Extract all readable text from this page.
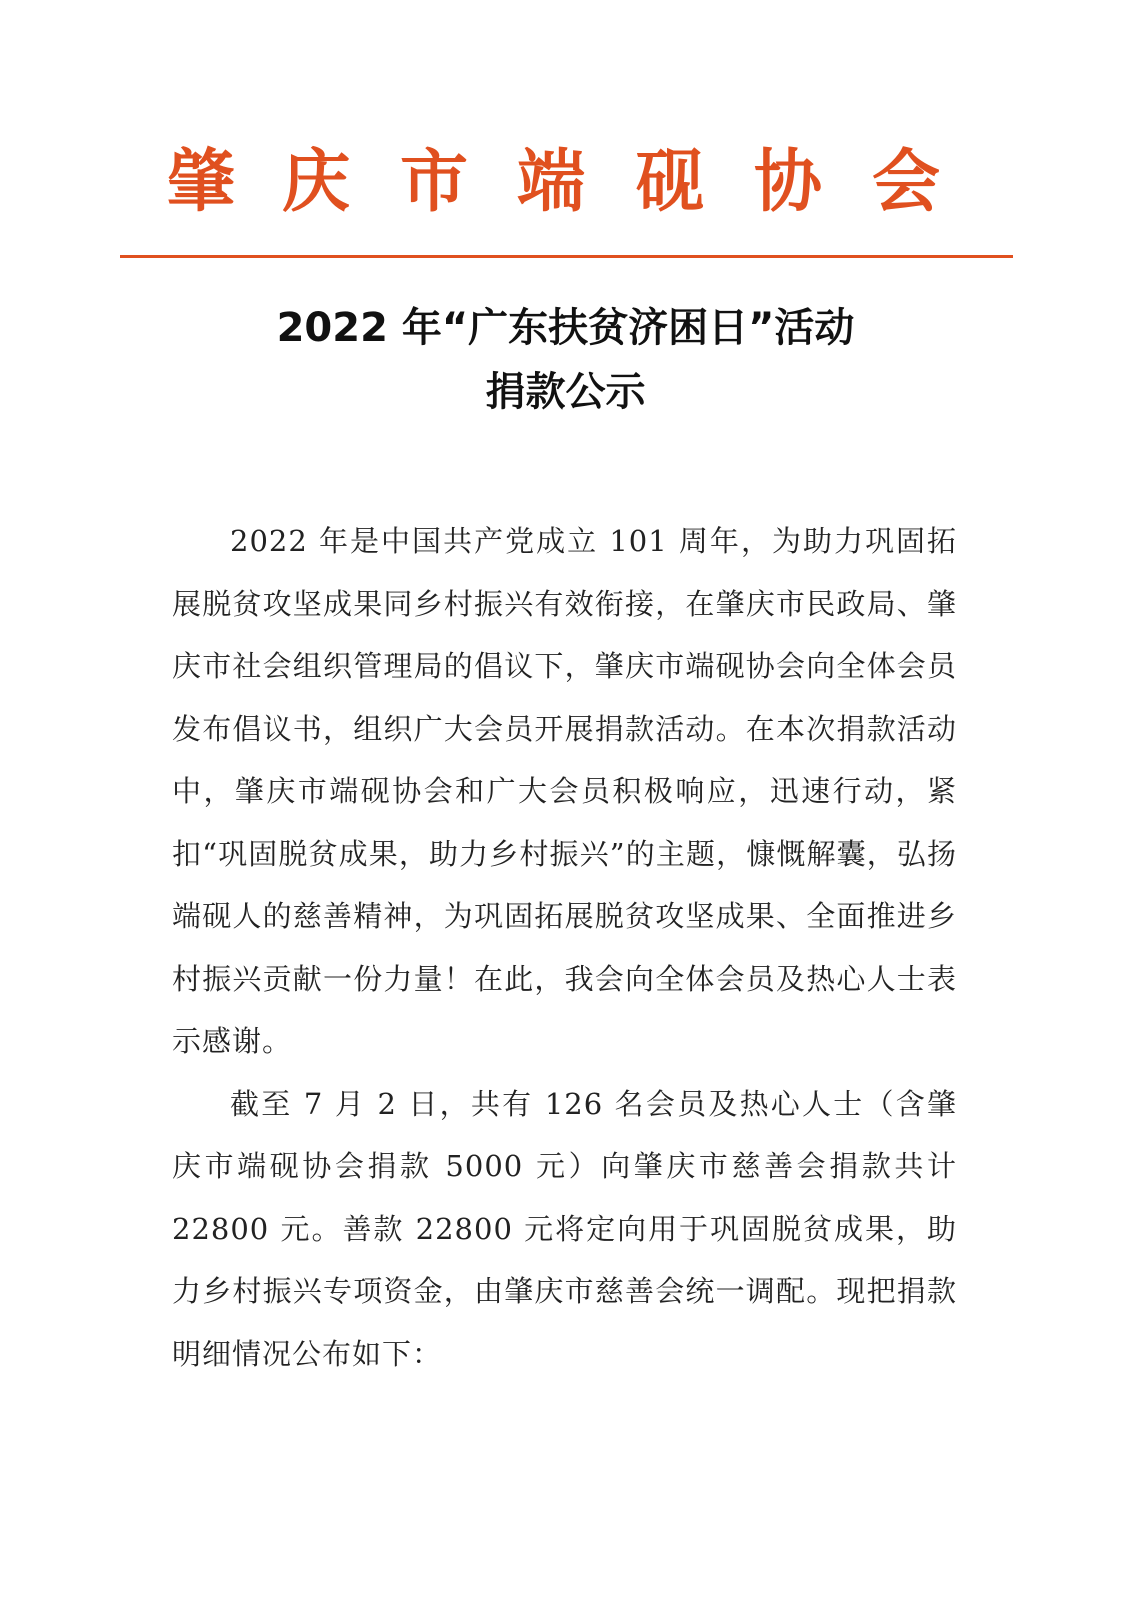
肇 庆 市 端 砚 协 会
2022 年“广东扶贫济困日”活动
捐款公示

2022 年是中国共产党成立 101 周年，为助力巩固拓展脱贫攻坚成果同乡村振兴有效衔接，在肇庆市民政局、肇庆市社会组织管理局的倡议下，肇庆市端砚协会向全体会员发布倡议书，组织广大会员开展捐款活动。在本次捐款活动中，肇庆市端砚协会和广大会员积极响应，迅速行动，紧扣“巩固脱贫成果，助力乡村振兴”的主题，慷慨解囊，弘扬端砚人的慈善精神，为巩固拓展脱贫攻坚成果、全面推进乡村振兴贡献一份力量！在此，我会向全体会员及热心人士表示感谢。

截至 7 月 2 日，共有 126 名会员及热心人士（含肇庆市端砚协会捐款 5000 元）向肇庆市慈善会捐款共计 22800 元。善款 22800 元将定向用于巩固脱贫成果，助力乡村振兴专项资金，由肇庆市慈善会统一调配。现把捐款明细情况公布如下：
